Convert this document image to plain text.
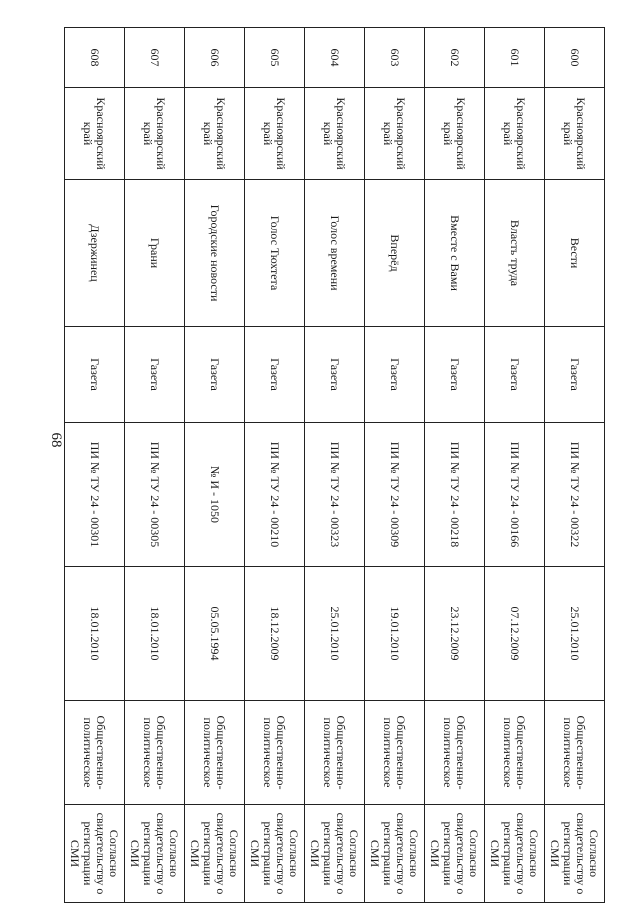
68
600	Красноярский край	Вести	Газета	ПИ № ТУ 24 - 00322	25.01.2010	Общественно-политическое	Согласно свидетельству о регистрации СМИ
601	Красноярский край	Власть труда	Газета	ПИ № ТУ 24 - 00166	07.12.2009	Общественно-политическое	Согласно свидетельству о регистрации СМИ
602	Красноярский край	Вместе с Вами	Газета	ПИ № ТУ 24 - 00218	23.12.2009	Общественно-политическое	Согласно свидетельству о регистрации СМИ
603	Красноярский край	Вперёд	Газета	ПИ № ТУ 24 - 00309	19.01.2010	Общественно-политическое	Согласно свидетельству о регистрации СМИ
604	Красноярский край	Голос времени	Газета	ПИ № ТУ 24 - 00323	25.01.2010	Общественно-политическое	Согласно свидетельству о регистрации СМИ
605	Красноярский край	Голос Тюхтета	Газета	ПИ № ТУ 24 - 00210	18.12.2009	Общественно-политическое	Согласно свидетельству о регистрации СМИ
606	Красноярский край	Городские новости	Газета	№ И - 1050	05.05.1994	Общественно-политическое	Согласно свидетельству о регистрации СМИ
607	Красноярский край	Грани	Газета	ПИ № ТУ 24 - 00305	18.01.2010	Общественно-политическое	Согласно свидетельству о регистрации СМИ
608	Красноярский край	Дзержинец	Газета	ПИ № ТУ 24 - 00301	18.01.2010	Общественно-политическое	Согласно свидетельству о регистрации СМИ
